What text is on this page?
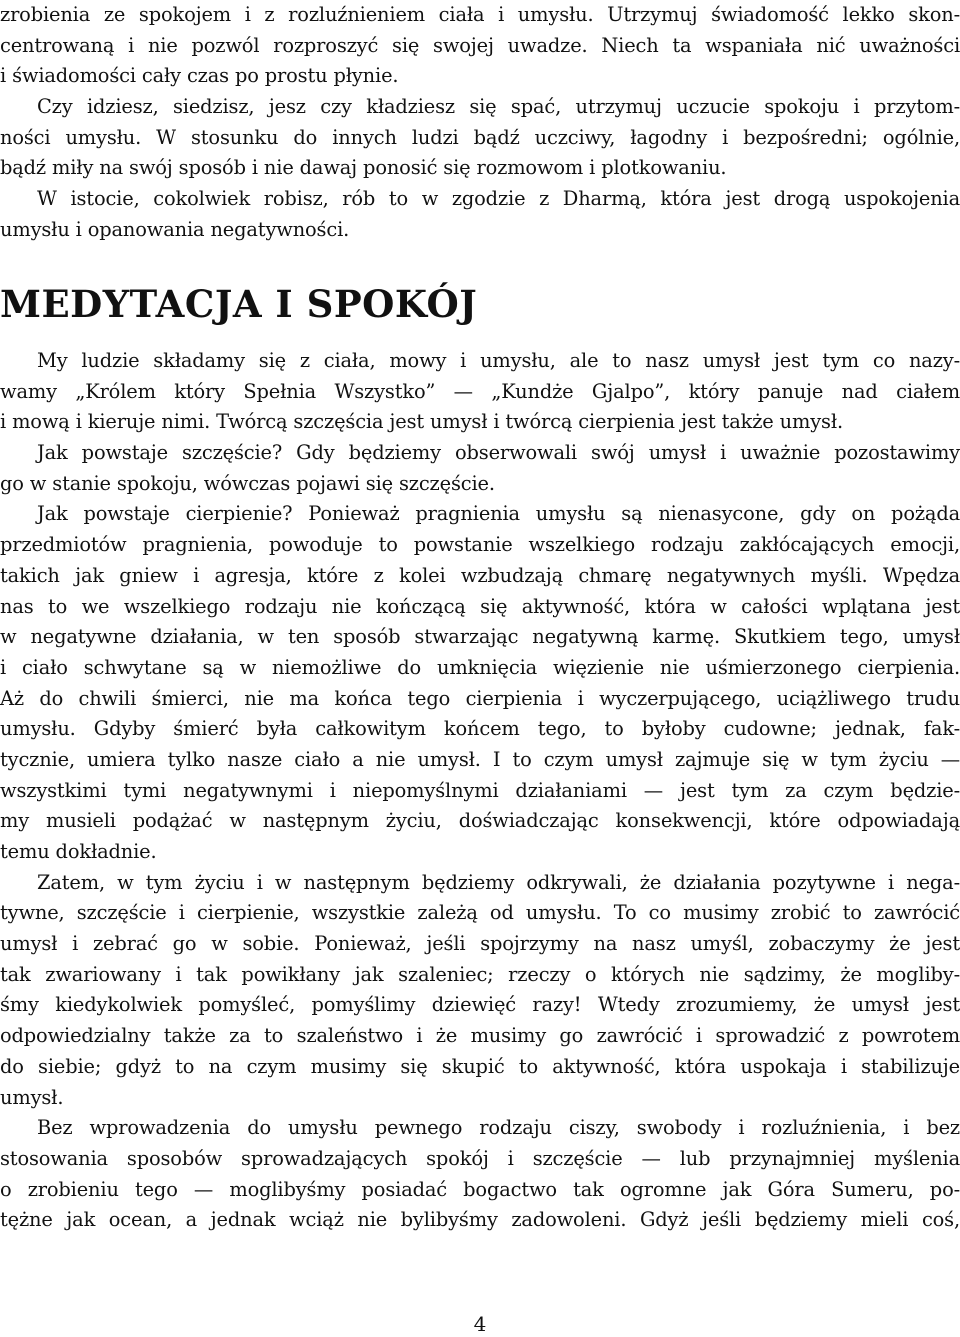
zrobienia ze spokojem i z rozluźnieniem ciała i umysłu. Utrzymuj świadomość lekko skon-
centrowaną i nie pozwól rozproszyć się swojej uwadze. Niech ta wspaniała nić uważności
i świadomości cały czas po prostu płynie.
Czy idziesz, siedzisz, jesz czy kładziesz się spać, utrzymuj uczucie spokoju i przytom-
ności umysłu. W stosunku do innych ludzi bądź uczciwy, łagodny i bezpośredni; ogólnie,
bądź miły na swój sposób i nie dawaj ponosić się rozmowom i plotkowaniu.
W istocie, cokolwiek robisz, rób to w zgodzie z Dharmą, która jest drogą uspokojenia
umysłu i opanowania negatywności.
MEDYTACJA I SPOKÓJ
My ludzie składamy się z ciała, mowy i umysłu, ale to nasz umysł jest tym co nazy-
wamy „Królem który Spełnia Wszystko” — „Kundże Gjalpo”, który panuje nad ciałem
i mową i kieruje nimi. Twórcą szczęścia jest umysł i twórcą cierpienia jest także umysł.
Jak powstaje szczęście? Gdy będziemy obserwowali swój umysł i uważnie pozostawimy
go w stanie spokoju, wówczas pojawi się szczęście.
Jak powstaje cierpienie? Ponieważ pragnienia umysłu są nienasycone, gdy on pożąda
przedmiotów pragnienia, powoduje to powstanie wszelkiego rodzaju zakłócających emocji,
takich jak gniew i agresja, które z kolei wzbudzają chmarę negatywnych myśli. Wpędza
nas to we wszelkiego rodzaju nie kończącą się aktywność, która w całości wplątana jest
w negatywne działania, w ten sposób stwarzając negatywną karmę. Skutkiem tego, umysł
i ciało schwytane są w niemożliwe do umknięcia więzienie nie uśmierzonego cierpienia.
Aż do chwili śmierci, nie ma końca tego cierpienia i wyczerpującego, uciążliwego trudu
umysłu. Gdyby śmierć była całkowitym końcem tego, to byłoby cudowne; jednak, fak-
tycznie, umiera tylko nasze ciało a nie umysł. I to czym umysł zajmuje się w tym życiu —
wszystkimi tymi negatywnymi i niepomyślnymi działaniami — jest tym za czym będzie-
my musieli podążać w następnym życiu, doświadczając konsekwencji, które odpowiadają
temu dokładnie.
Zatem, w tym życiu i w następnym będziemy odkrywali, że działania pozytywne i nega-
tywne, szczęście i cierpienie, wszystkie zależą od umysłu. To co musimy zrobić to zawrócić
umysł i zebrać go w sobie. Ponieważ, jeśli spojrzymy na nasz umyśl, zobaczymy że jest
tak zwariowany i tak powikłany jak szaleniec; rzeczy o których nie sądzimy, że mogliby-
śmy kiedykolwiek pomyśleć, pomyślimy dziewięć razy! Wtedy zrozumiemy, że umysł jest
odpowiedzialny także za to szaleństwo i że musimy go zawrócić i sprowadzić z powrotem
do siebie; gdyż to na czym musimy się skupić to aktywność, która uspokaja i stabilizuje
umysł.
Bez wprowadzenia do umysłu pewnego rodzaju ciszy, swobody i rozluźnienia, i bez
stosowania sposobów sprowadzających spokój i szczęście — lub przynajmniej myślenia
o zrobieniu tego — moglibyśmy posiadać bogactwo tak ogromne jak Góra Sumeru, po-
tężne jak ocean, a jednak wciąż nie bylibyśmy zadowoleni. Gdyż jeśli będziemy mieli coś,
4
